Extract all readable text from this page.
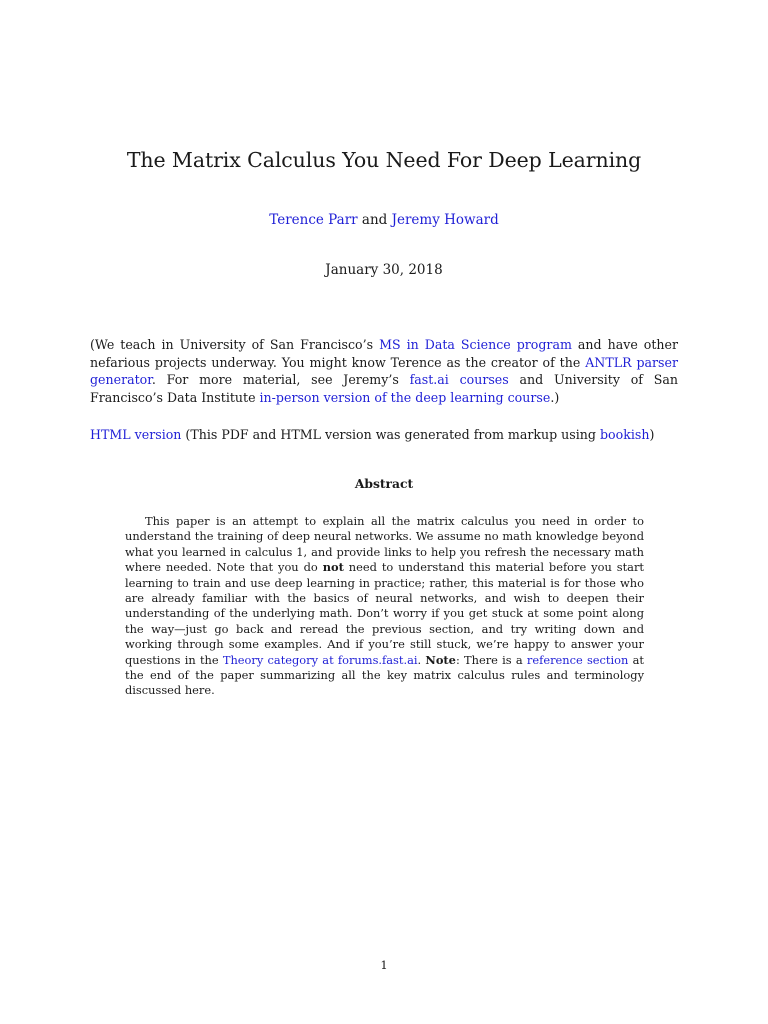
The Matrix Calculus You Need For Deep Learning
Terence Parr and Jeremy Howard
January 30, 2018

(We teach in University of San Francisco’s MS in Data Science program and have other nefarious projects underway. You might know Terence as the creator of the ANTLR parser generator. For more material, see Jeremy’s fast.ai courses and University of San Francisco’s Data Institute in-person version of the deep learning course.)

HTML version (This PDF and HTML version was generated from markup using bookish)

Abstract

This paper is an attempt to explain all the matrix calculus you need in order to understand the training of deep neural networks. We assume no math knowledge beyond what you learned in calculus 1, and provide links to help you refresh the necessary math where needed. Note that you do not need to understand this material before you start learning to train and use deep learning in practice; rather, this material is for those who are already familiar with the basics of neural networks, and wish to deepen their understanding of the underlying math. Don’t worry if you get stuck at some point along the way—just go back and reread the previous section, and try writing down and working through some examples. And if you’re still stuck, we’re happy to answer your questions in the Theory category at forums.fast.ai. Note: There is a reference section at the end of the paper summarizing all the key matrix calculus rules and terminology discussed here.

1
